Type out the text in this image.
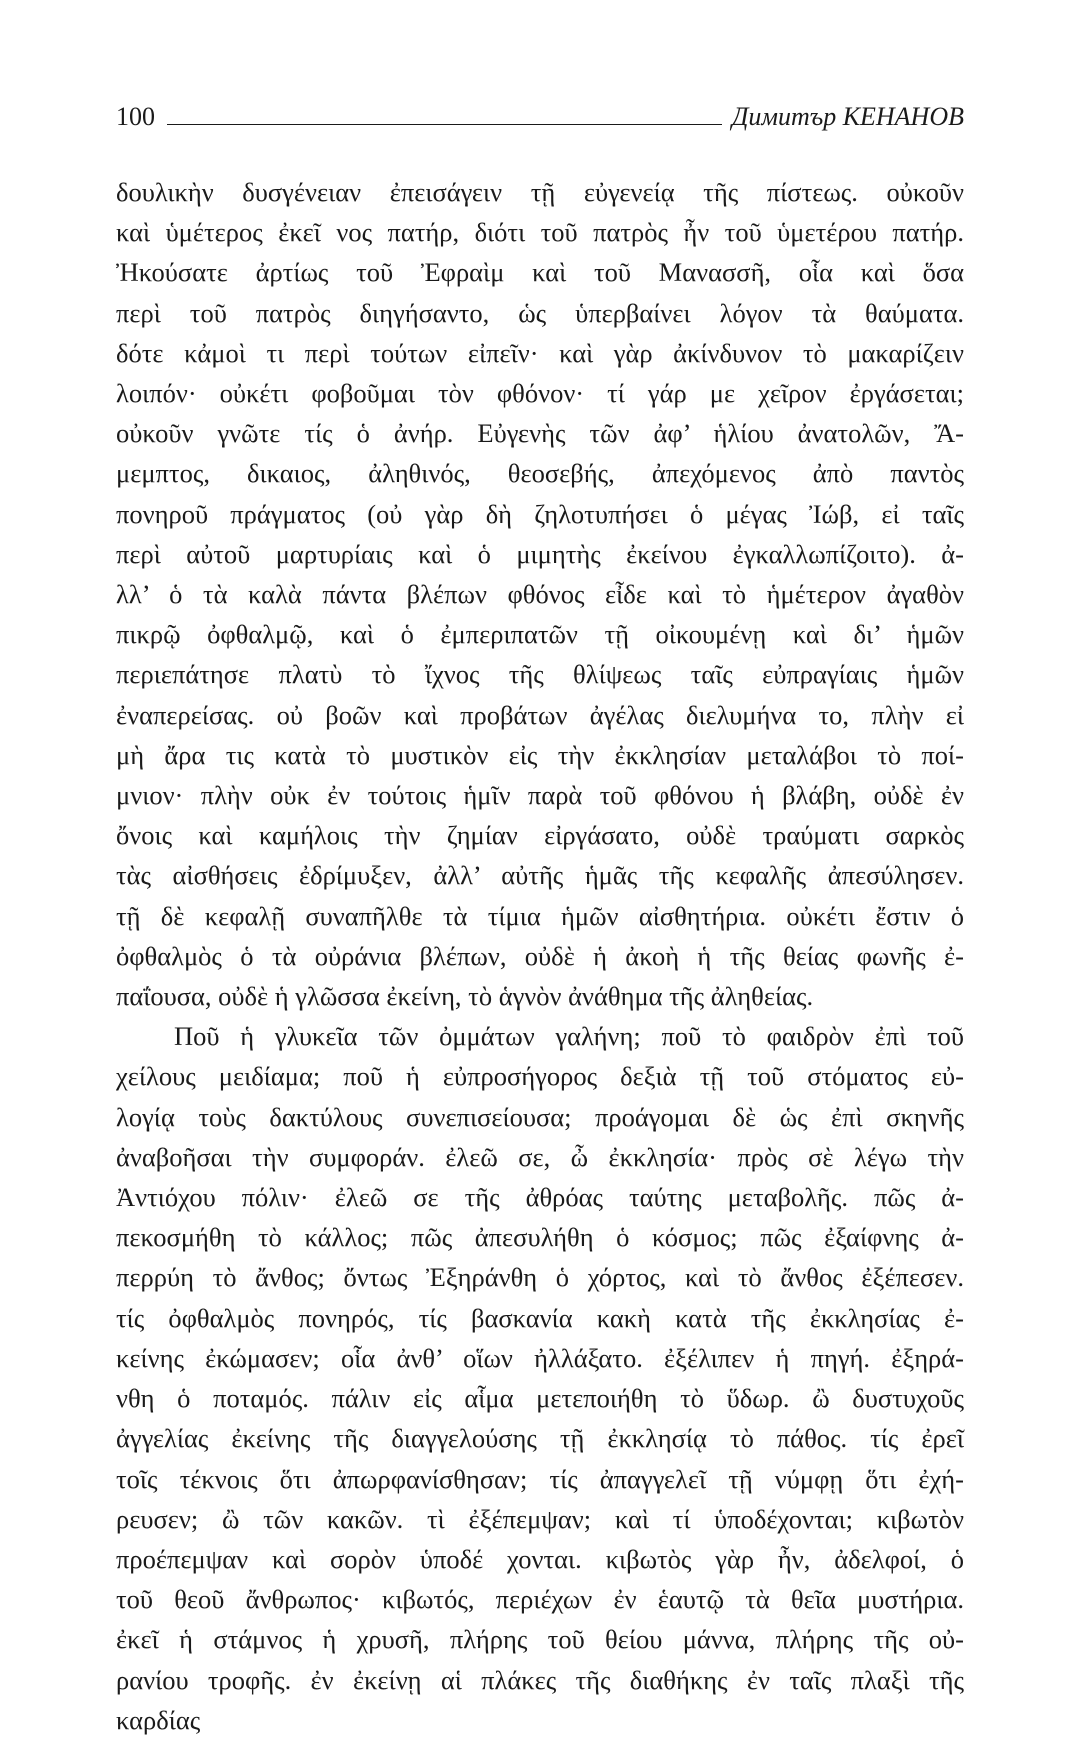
100	Димитър КЕНАНОВ
δουλικὴν δυσγένειαν ἐπεισάγειν τῇ εὐγενείᾳ τῆς πίστεως. οὐκοῦν
καὶ ὑμέτερος ἐκεῖ νος πατήρ, διότι τοῦ πατρὸς ἦν τοῦ ὑμετέρου πατήρ.
Ἠκούσατε ἀρτίως τοῦ Ἐφραὶμ καὶ τοῦ Μανασσῆ, οἷα καὶ ὅσα
περὶ τοῦ πατρὸς διηγήσαντο, ὡς ὑπερβαίνει λόγον τὰ θαύματα.
δότε κἀμοὶ τι περὶ τούτων εἰπεῖν· καὶ γὰρ ἀκίνδυνον τὸ μακαρίζειν
λοιπόν· οὐκέτι φοβοῦμαι τὸν φθόνον· τί γάρ με χεῖρον ἐργάσεται;
οὐκοῦν γνῶτε τίς ὁ ἀνήρ. Εὐγενὴς τῶν ἀφ’ ἡλίου ἀνατολῶν, Ἄ-
μεμπτος, δικαιος, ἀληθινός, θεοσεβής, ἀπεχόμενος ἀπὸ παντὸς
πονηροῦ πράγματος (οὐ γὰρ δὴ ζηλοτυπήσει ὁ μέγας Ἰώβ, εἰ ταῖς
περὶ αὐτοῦ μαρτυρίαις καὶ ὁ μιμητὴς ἐκείνου ἐγκαλλωπίζοιτο). ἀ-
λλ’ ὁ τὰ καλὰ πάντα βλέπων φθόνος εἶδε καὶ τὸ ἡμέτερον ἀγαθὸν
πικρῷ ὀφθαλμῷ, καὶ ὁ ἐμπεριπατῶν τῇ οἰκουμένῃ καὶ δι’ ἡμῶν
περιεπάτησε πλατὺ τὸ ἴχνος τῆς θλίψεως ταῖς εὐπραγίαις ἡμῶν
ἐναπερείσας. οὐ βοῶν καὶ προβάτων ἀγέλας διελυμήνα το, πλὴν εἰ
μὴ ἄρα τις κατὰ τὸ μυστικὸν εἰς τὴν ἐκκλησίαν μεταλάβοι τὸ ποί-
μνιον· πλὴν οὐκ ἐν τούτοις ἡμῖν παρὰ τοῦ φθόνου ἡ βλάβη, οὐδὲ ἐν
ὄνοις καὶ καμήλοις τὴν ζημίαν εἰργάσατο, οὐδὲ τραύματι σαρκὸς
τὰς αἰσθήσεις ἐδρίμυξεν, ἀλλ’ αὐτῆς ἡμᾶς τῆς κεφαλῆς ἀπεσύλησεν.
τῇ δὲ κεφαλῇ συναπῆλθε τὰ τίμια ἡμῶν αἰσθητήρια. οὐκέτι ἔστιν ὁ
ὀφθαλμὸς ὁ τὰ οὐράνια βλέπων, οὐδὲ ἡ ἀκοὴ ἡ τῆς θείας φωνῆς ἐ-
παΐουσα, οὐδὲ ἡ γλῶσσα ἐκείνη, τὸ ἁγνὸν ἀνάθημα τῆς ἀληθείας.
Ποῦ ἡ γλυκεῖα τῶν ὀμμάτων γαλήνη; ποῦ τὸ φαιδρὸν ἐπὶ τοῦ
χείλους μειδίαμα; ποῦ ἡ εὐπροσήγορος δεξιὰ τῇ τοῦ στόματος εὐ-
λογίᾳ τοὺς δακτύλους συνεπισείουσα; προάγομαι δὲ ὡς ἐπὶ σκηνῆς
ἀναβοῆσαι τὴν συμφοράν. ἐλεῶ σε, ὦ ἐκκλησία· πρὸς σὲ λέγω τὴν
Ἀντιόχου πόλιν· ἐλεῶ σε τῆς ἀθρόας ταύτης μεταβολῆς. πῶς ἀ-
πεκοσμήθη τὸ κάλλος; πῶς ἀπεσυλήθη ὁ κόσμος; πῶς ἐξαίφνης ἀ-
περρύη τὸ ἄνθος; ὄντως Ἐξηράνθη ὁ χόρτος, καὶ τὸ ἄνθος ἐξέπεσεν.
τίς ὀφθαλμὸς πονηρός, τίς βασκανία κακὴ κατὰ τῆς ἐκκλησίας ἐ-
κείνης ἐκώμασεν; οἷα ἀνθ’ οἵων ἠλλάξατο. ἐξέλιπεν ἡ πηγή. ἐξηρά-
νθη ὁ ποταμός. πάλιν εἰς αἷμα μετεποιήθη τὸ ὕδωρ. ὢ δυστυχοῦς
ἀγγελίας ἐκείνης τῆς διαγγελούσης τῇ ἐκκλησίᾳ τὸ πάθος. τίς ἐρεῖ
τοῖς τέκνοις ὅτι ἀπωρφανίσθησαν; τίς ἀπαγγελεῖ τῇ νύμφῃ ὅτι ἐχή-
ρευσεν; ὢ τῶν κακῶν. τὶ ἐξέπεμψαν; καὶ τί ὑποδέχονται; κιβωτὸν
προέπεμψαν καὶ σορὸν ὑποδέ χονται. κιβωτὸς γὰρ ἦν, ἀδελφοί, ὁ
τοῦ θεοῦ ἄνθρωπος· κιβωτός, περιέχων ἐν ἑαυτῷ τὰ θεῖα μυστήρια.
ἐκεῖ ἡ στάμνος ἡ χρυσῆ, πλήρης τοῦ θείου μάννα, πλήρης τῆς οὐ-
ρανίου τροφῆς. ἐν ἐκείνῃ αἱ πλάκες τῆς διαθήκης ἐν ταῖς πλαξὶ τῆς
καρδίας
